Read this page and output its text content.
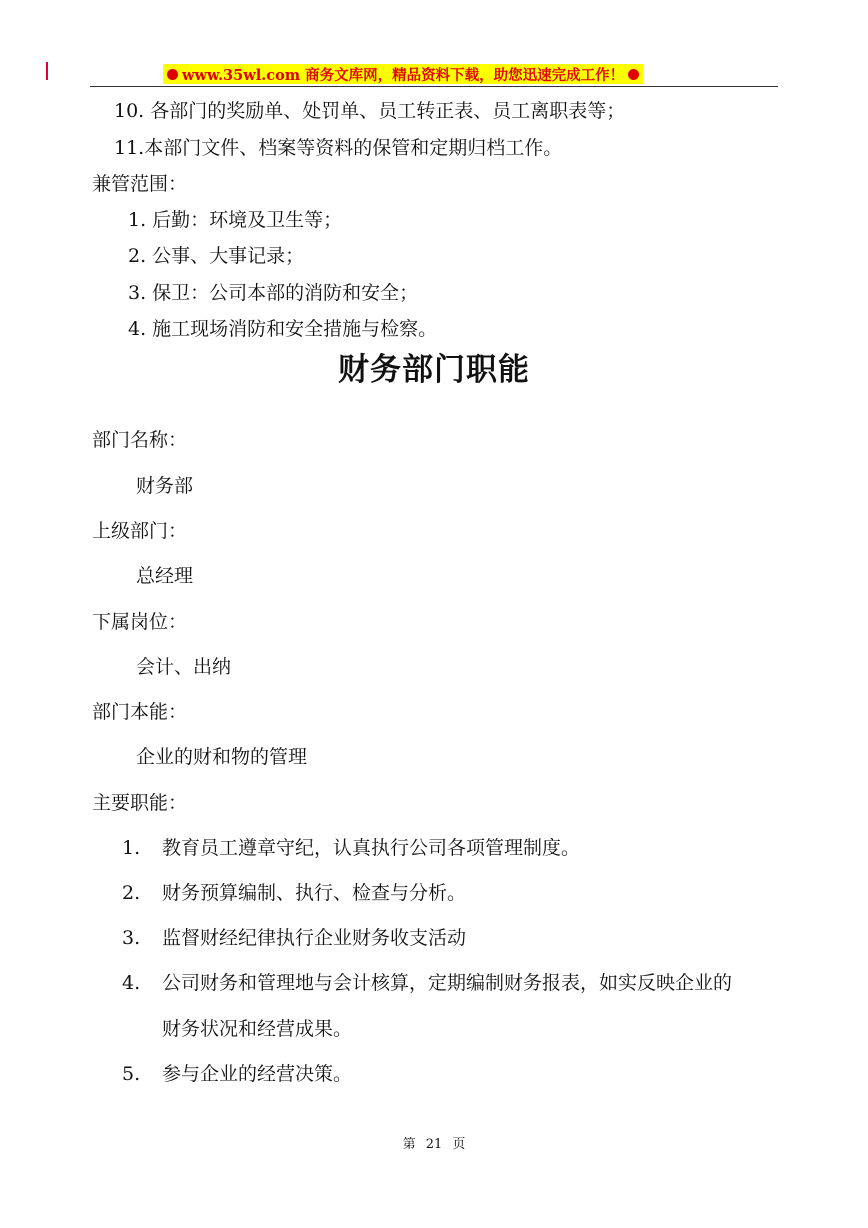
www.35wl.com 商务文库网，精品资料下载，助您迅速完成工作！
10. 各部门的奖励单、处罚单、员工转正表、员工离职表等；
11.本部门文件、档案等资料的保管和定期归档工作。
兼管范围：
1. 后勤：环境及卫生等；
2. 公事、大事记录；
3. 保卫：公司本部的消防和安全；
4. 施工现场消防和安全措施与检察。
财务部门职能
部门名称：
财务部
上级部门：
总经理
下属岗位：
会计、出纳
部门本能：
企业的财和物的管理
主要职能：
1. 教育员工遵章守纪，认真执行公司各项管理制度。
2. 财务预算编制、执行、检查与分析。
3. 监督财经纪律执行企业财务收支活动
4. 公司财务和管理地与会计核算，定期编制财务报表，如实反映企业的
财务状况和经营成果。
5. 参与企业的经营决策。
第 21 页
